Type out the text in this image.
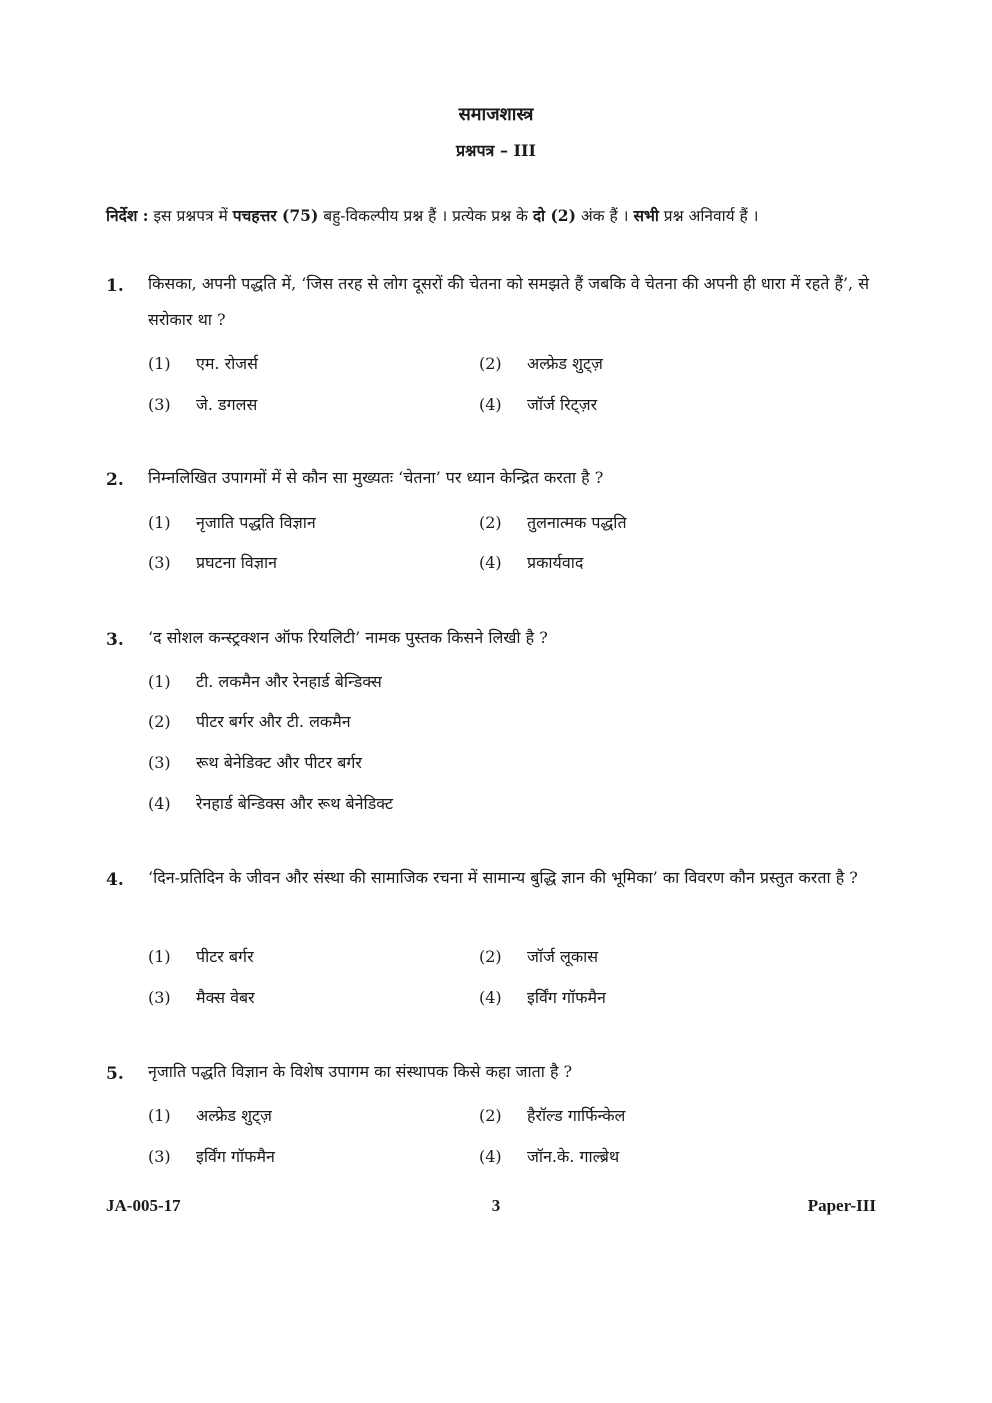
समाजशास्त्र
प्रश्नपत्र – III
निर्देश : इस प्रश्नपत्र में पचहत्तर (75) बहु-विकल्पीय प्रश्न हैं । प्रत्येक प्रश्न के दो (2) अंक हैं । सभी प्रश्न अनिवार्य हैं ।
1. किसका, अपनी पद्धति में, ‘जिस तरह से लोग दूसरों की चेतना को समझते हैं जबकि वे चेतना की अपनी ही धारा में रहते हैं’, से सरोकार था ?
(1) एम. रोजर्स	(2) अल्फ्रेड शुट्ज़
(3) जे. डगलस	(4) जॉर्ज रिट्ज़र
2. निम्नलिखित उपागमों में से कौन सा मुख्यतः ‘चेतना’ पर ध्यान केन्द्रित करता है ?
(1) नृजाति पद्धति विज्ञान	(2) तुलनात्मक पद्धति
(3) प्रघटना विज्ञान	(4) प्रकार्यवाद
3. ‘द सोशल कन्स्ट्रक्शन ऑफ रियलिटी’ नामक पुस्तक किसने लिखी है ?
(1) टी. लकमैन और रेनहार्ड बेन्डिक्स
(2) पीटर बर्गर और टी. लकमैन
(3) रूथ बेनेडिक्ट और पीटर बर्गर
(4) रेनहार्ड बेन्डिक्स और रूथ बेनेडिक्ट
4. ‘दिन-प्रतिदिन के जीवन और संस्था की सामाजिक रचना में सामान्य बुद्धि ज्ञान की भूमिका’ का विवरण कौन प्रस्तुत करता है ?
(1) पीटर बर्गर	(2) जॉर्ज लूकास
(3) मैक्स वेबर	(4) इर्विंग गॉफमैन
5. नृजाति पद्धति विज्ञान के विशेष उपागम का संस्थापक किसे कहा जाता है ?
(1) अल्फ्रेड शुट्ज़	(2) हैरॉल्ड गार्फिन्केल
(3) इर्विंग गॉफमैन	(4) जॉन.के. गाल्ब्रेथ
JA-005-17	3	Paper-III
